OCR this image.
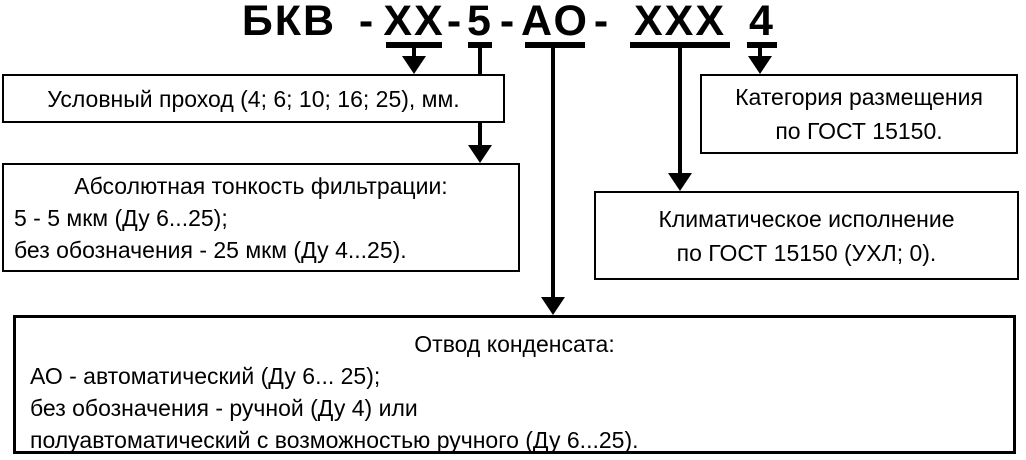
БКВ - XX - 5 - АО - XXX 4
Условный проход (4; 6; 10; 16; 25), мм.
Абсолютная тонкость фильтрации:
5 - 5 мкм (Ду 6...25);
без обозначения - 25 мкм (Ду 4...25).
Категория размещения
по ГОСТ 15150.
Климатическое исполнение
по ГОСТ 15150 (УХЛ; 0).
Отвод конденсата:
АО - автоматический (Ду 6... 25);
без обозначения - ручной (Ду 4) или
полуавтоматический с возможностью ручного (Ду 6...25).
